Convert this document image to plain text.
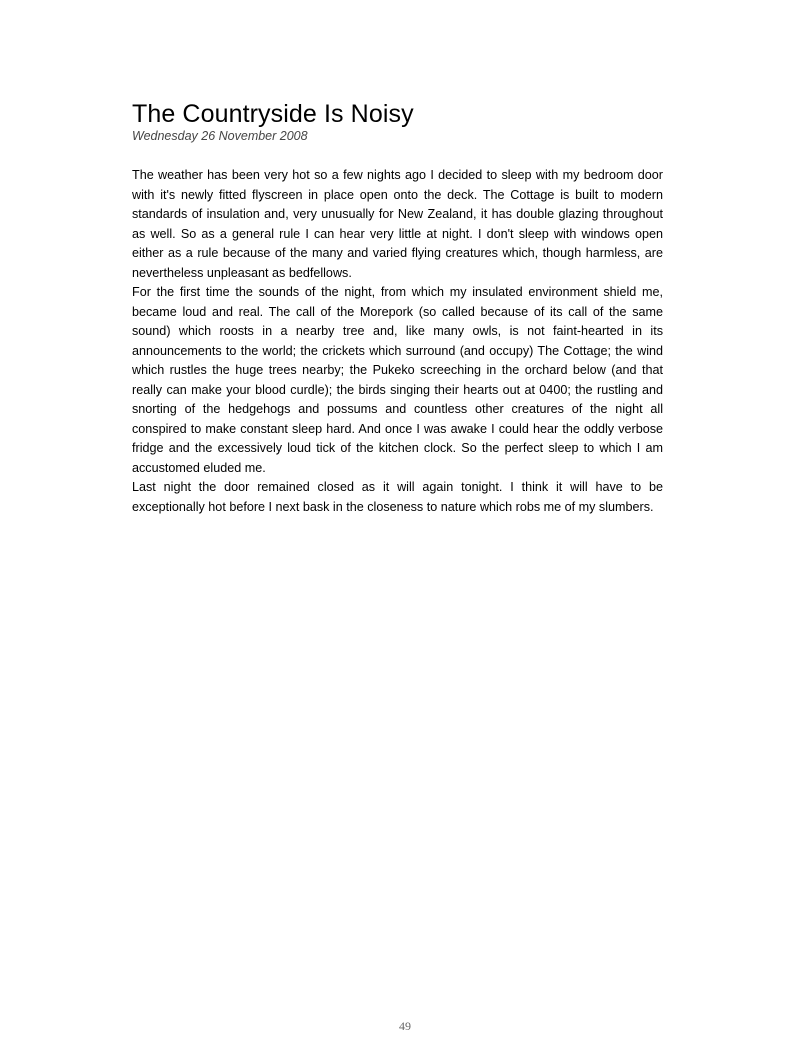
The Countryside Is Noisy
Wednesday 26 November 2008

The weather has been very hot so a few nights ago I decided to sleep with my bedroom door with it's newly fitted flyscreen in place open onto the deck. The Cottage is built to modern standards of insulation and, very unusually for New Zealand, it has double glazing throughout as well. So as a general rule I can hear very little at night. I don't sleep with windows open either as a rule because of the many and varied flying creatures which, though harmless, are nevertheless unpleasant as bedfellows.

For the first time the sounds of the night, from which my insulated environment shield me, became loud and real. The call of the Morepork (so called because of its call of the same sound) which roosts in a nearby tree and, like many owls, is not faint-hearted in its announcements to the world; the crickets which surround (and occupy) The Cottage; the wind which rustles the huge trees nearby; the Pukeko screeching in the orchard below (and that really can make your blood curdle); the birds singing their hearts out at 0400; the rustling and snorting of the hedgehogs and possums and countless other creatures of the night all conspired to make constant sleep hard. And once I was awake I could hear the oddly verbose fridge and the excessively loud tick of the kitchen clock. So the perfect sleep to which I am accustomed eluded me.

Last night the door remained closed as it will again tonight. I think it will have to be exceptionally hot before I next bask in the closeness to nature which robs me of my slumbers.

49
